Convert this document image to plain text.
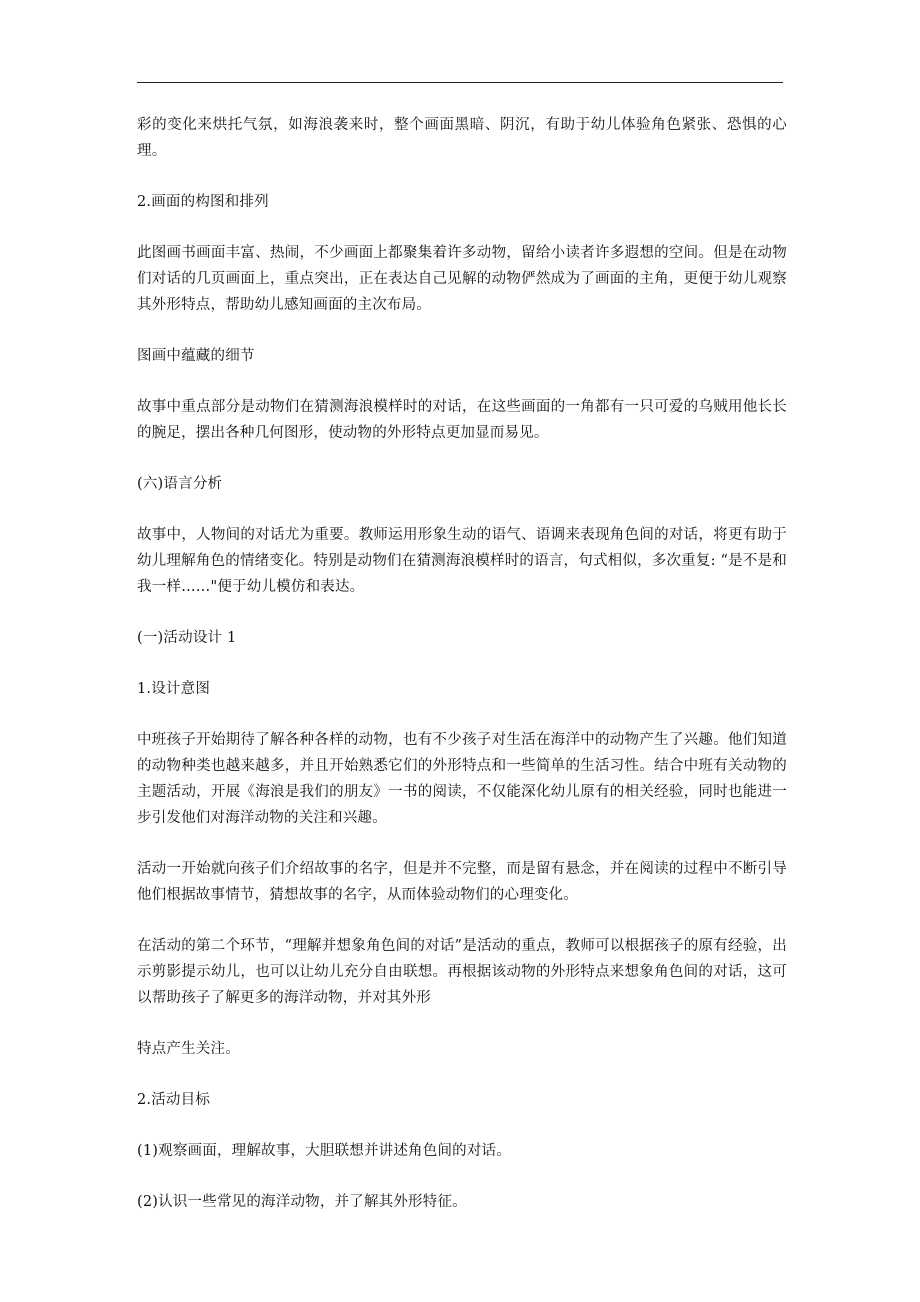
彩的变化来烘托气氛，如海浪袭来时，整个画面黑暗、阴沉，有助于幼儿体验角色紧张、恐惧的心理。

2.画面的构图和排列

此图画书画面丰富、热闹，不少画面上都聚集着许多动物，留给小读者许多遐想的空间。但是在动物们对话的几页画面上，重点突出，正在表达自己见解的动物俨然成为了画面的主角，更便于幼儿观察其外形特点，帮助幼儿感知画面的主次布局。

图画中蕴藏的细节

故事中重点部分是动物们在猜测海浪模样时的对话，在这些画面的一角都有一只可爱的乌贼用他长长的腕足，摆出各种几何图形，使动物的外形特点更加显而易见。

(六)语言分析

故事中，人物间的对话尤为重要。教师运用形象生动的语气、语调来表现角色间的对话，将更有助于幼儿理解角色的情绪变化。特别是动物们在猜测海浪模样时的语言，句式相似，多次重复: “是不是和我一样……"便于幼儿模仿和表达。

(一)活动设计 1

1.设计意图

中班孩子开始期待了解各种各样的动物，也有不少孩子对生活在海洋中的动物产生了兴趣。他们知道的动物种类也越来越多，并且开始熟悉它们的外形特点和一些简单的生活习性。结合中班有关动物的主题活动，开展《海浪是我们的朋友》一书的阅读，不仅能深化幼儿原有的相关经验，同时也能进一步引发他们对海洋动物的关注和兴趣。

活动一开始就向孩子们介绍故事的名字，但是并不完整，而是留有悬念，并在阅读的过程中不断引导他们根据故事情节，猜想故事的名字，从而体验动物们的心理变化。

在活动的第二个环节，“理解并想象角色间的对话”是活动的重点，教师可以根据孩子的原有经验，出示剪影提示幼儿，也可以让幼儿充分自由联想。再根据该动物的外形特点来想象角色间的对话，这可以帮助孩子了解更多的海洋动物，并对其外形

特点产生关注。

2.活动目标

(1)观察画面，理解故事，大胆联想并讲述角色间的对话。

(2)认识一些常见的海洋动物，并了解其外形特征。
